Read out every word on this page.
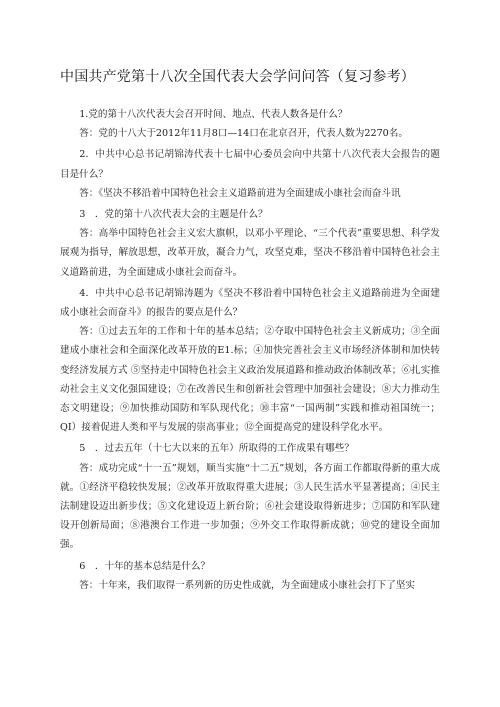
中国共产党第十八次全国代表大会学问问答（复习参考）

1.党的第十八次代表大会召开时间、地点、代表人数各是什么？

答：党的十八大于2012年11月8口—14口在北京召开，代表人数为2270名。

2．中共中心总书记胡锦涛代表十七届中心委员会向中共第十八次代表大会报告的题目是什么？

答：《坚决不移沿着中国特色社会主义道路前进为全面建成小康社会而奋斗讯

3　．党的第十八次代表大会的主题是什么？

答：高举中国特色社会主义宏大旗帜，以邓小平理论、“三个代表”重要思想、科学发展观为指导，解放思想，改革开放，凝合力气，攻坚克难，坚决不移沿着中国特色社会主义道路前进，为全面建成小康社会而奋斗。

4．中共中心总书记胡锦涛题为《坚决不移沿着中国特色社会主义道路前进为全面建成小康社会而奋斗》的报告的要点是什么？

答：①过去五年的工作和十年的基本总结；②夺取中国特色社会主义新成功；③全面建成小康社会和全面深化改革开放的E1.标；④加快完善社会主义市场经济体制和加快转变经济发展方式 ⑤坚持走中国特色社会主义政治发展道路和推动政治体制改革；⑥扎实推动社会主义文化强国建设；⑦在改善民生和创新社会管理中加强社会建设；⑧大力推动生态文明建设；⑨加快推动国防和军队现代化；⑩丰富“一国两制”实践和推动祖国统一；QI）接着促进人类和平与发展的崇高事业；⑫全面提高党的建设科学化水平。

5　．过去五年（十七大以来的五年）所取得的工作成果有哪些？

答：成功完成“十一五”规划，顺当实施“十二五”规划，各方面工作都取得新的重大成就。①经济平稳较快发展；②改革开放取得重大进展；③人民生活水平显著提高；④民主法制建设迈出新步伐；⑤文化建设迈上新台阶；⑥社会建设取得新进步；⑦国防和军队建设开创新局面；⑧港澳台工作进一步加强；⑨外交工作取得新成就；⑩党的建设全面加强。

6　．十年的基本总结是什么？

答：十年来，我们取得一系列新的历史性成就，为全面建成小康社会打下了坚实
